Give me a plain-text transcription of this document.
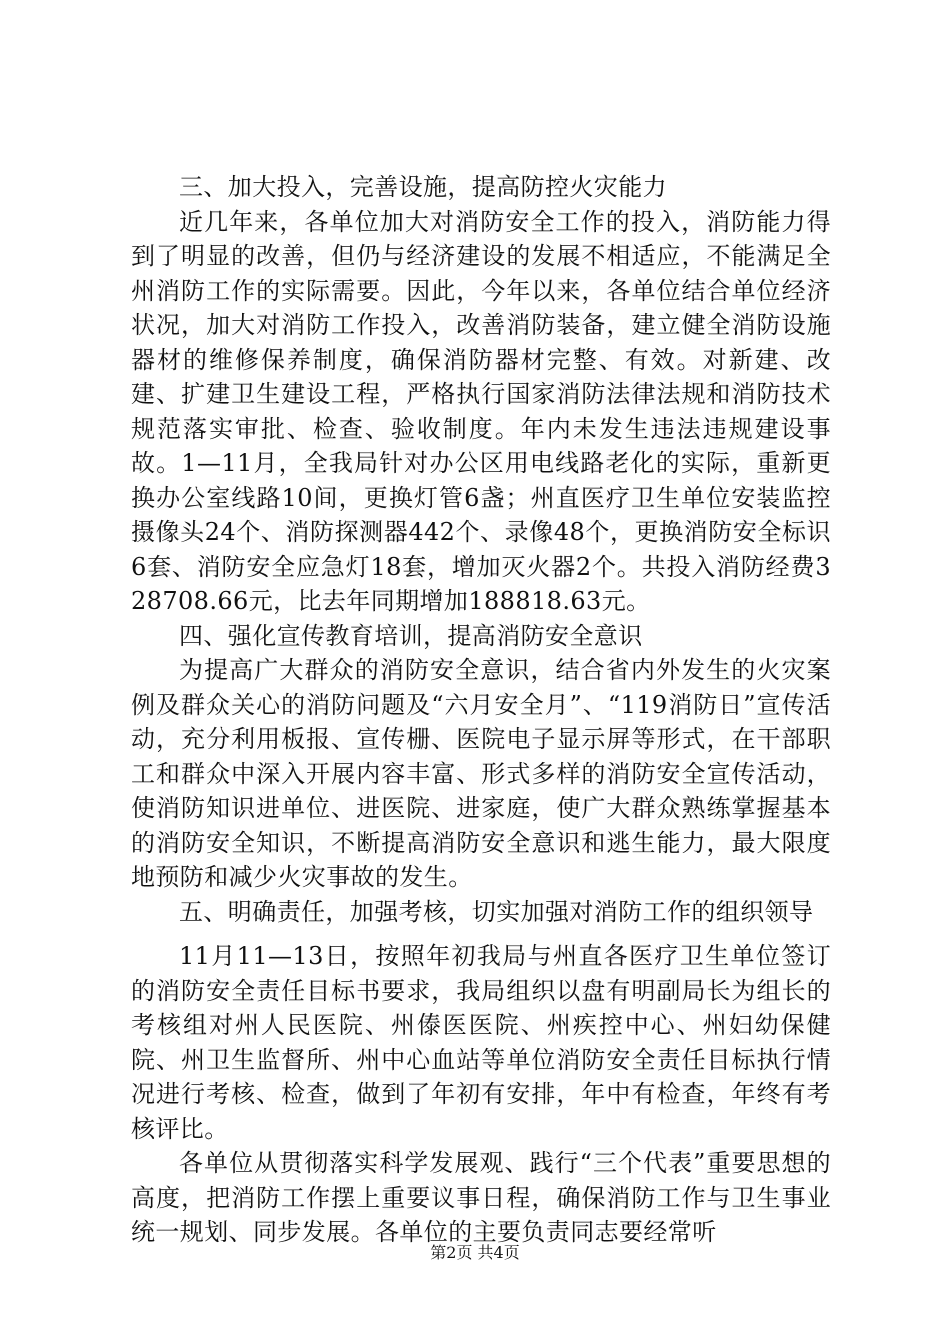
三、加大投入，完善设施，提高防控火灾能力

近几年来，各单位加大对消防安全工作的投入，消防能力得到了明显的改善，但仍与经济建设的发展不相适应，不能满足全州消防工作的实际需要。因此，今年以来，各单位结合单位经济状况，加大对消防工作投入，改善消防装备，建立健全消防设施器材的维修保养制度，确保消防器材完整、有效。对新建、改建、扩建卫生建设工程，严格执行国家消防法律法规和消防技术规范落实审批、检查、验收制度。年内未发生违法违规建设事故。1—11月，全我局针对办公区用电线路老化的实际，重新更换办公室线路10间，更换灯管6盏；州直医疗卫生单位安装监控摄像头24个、消防探测器442个、录像48个，更换消防安全标识6套、消防安全应急灯18套，增加灭火器2个。共投入消防经费328708.66元，比去年同期增加188818.63元。

四、强化宣传教育培训，提高消防安全意识

为提高广大群众的消防安全意识，结合省内外发生的火灾案例及群众关心的消防问题及“六月安全月”、“119消防日”宣传活动，充分利用板报、宣传栅、医院电子显示屏等形式，在干部职工和群众中深入开展内容丰富、形式多样的消防安全宣传活动，使消防知识进单位、进医院、进家庭，使广大群众熟练掌握基本的消防安全知识，不断提高消防安全意识和逃生能力，最大限度地预防和减少火灾事故的发生。

五、明确责任，加强考核，切实加强对消防工作的组织领导

11月11—13日，按照年初我局与州直各医疗卫生单位签订的消防安全责任目标书要求，我局组织以盘有明副局长为组长的考核组对州人民医院、州傣医医院、州疾控中心、州妇幼保健院、州卫生监督所、州中心血站等单位消防安全责任目标执行情况进行考核、检查，做到了年初有安排，年中有检查，年终有考核评比。

各单位从贯彻落实科学发展观、践行“三个代表”重要思想的高度，把消防工作摆上重要议事日程，确保消防工作与卫生事业统一规划、同步发展。各单位的主要负责同志要经常听

第2页 共4页
